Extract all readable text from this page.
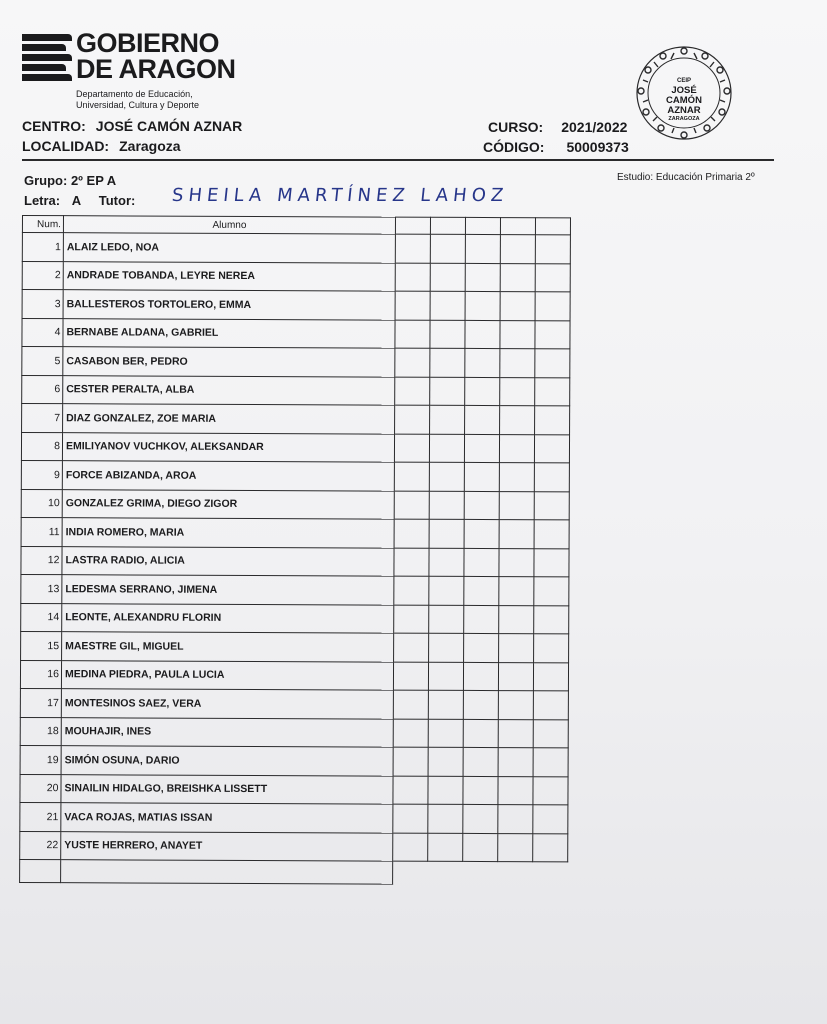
GOBIERNO
DE ARAGON
Departamento de Educación,
Universidad, Cultura y Deporte
CENTRO: JOSÉ CAMÓN AZNAR
LOCALIDAD: Zaragoza
CURSO: 2021/2022
CÓDIGO: 50009373
CEIP
JOSÉ
CAMÓN
AZNAR
ZARAGOZA
Grupo: 2º EP A
Letra: A Tutor: SHEILA MARTÍNEZ LAHOZ
Estudio: Educación Primaria 2º
Num.	Alumno					
1	ALAIZ LEDO, NOA					
2	ANDRADE TOBANDA, LEYRE NEREA					
3	BALLESTEROS TORTOLERO, EMMA					
4	BERNABE ALDANA, GABRIEL					
5	CASABON BER, PEDRO					
6	CESTER PERALTA, ALBA					
7	DIAZ GONZALEZ, ZOE MARIA					
8	EMILIYANOV VUCHKOV, ALEKSANDAR					
9	FORCE ABIZANDA, AROA					
10	GONZALEZ GRIMA, DIEGO ZIGOR					
11	INDIA ROMERO, MARIA					
12	LASTRA RADIO, ALICIA					
13	LEDESMA SERRANO, JIMENA					
14	LEONTE, ALEXANDRU FLORIN					
15	MAESTRE GIL, MIGUEL					
16	MEDINA PIEDRA, PAULA LUCIA					
17	MONTESINOS SAEZ, VERA					
18	MOUHAJIR, INES					
19	SIMÓN OSUNA, DARIO					
20	SINAILIN HIDALGO, BREISHKA LISSETT					
21	VACA ROJAS, MATIAS ISSAN					
22	YUSTE HERRERO, ANAYET					
